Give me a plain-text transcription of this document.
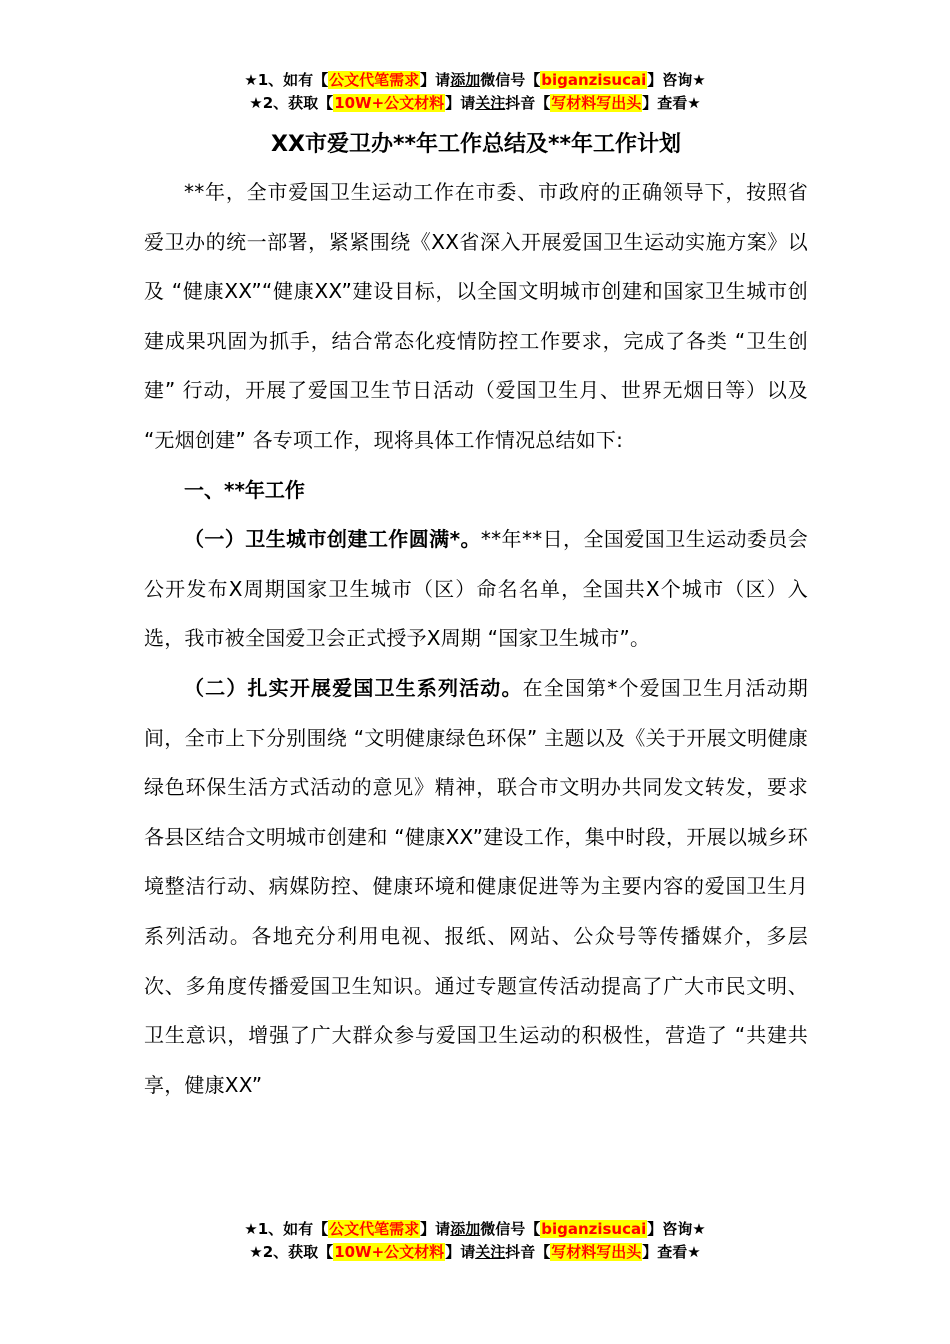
★1、如有【公文代笔需求】请添加微信号【biganzisucai】咨询★
★2、获取【10W+公文材料】请关注抖音【写材料写出头】查看★
XX市爱卫办**年工作总结及**年工作计划

**年，全市爱国卫生运动工作在市委、市政府的正确领导下，按照省爱卫办的统一部署，紧紧围绕《XX省深入开展爱国卫生运动实施方案》以及 “健康XX”“健康XX”建设目标，以全国文明城市创建和国家卫生城市创建成果巩固为抓手，结合常态化疫情防控工作要求，完成了各类 “卫生创建” 行动，开展了爱国卫生节日活动（爱国卫生月、世界无烟日等）以及 “无烟创建” 各专项工作，现将具体工作情况总结如下:

一、**年工作

（一）卫生城市创建工作圆满*。**年**日，全国爱国卫生运动委员会公开发布X周期国家卫生城市（区）命名名单，全国共X个城市（区）入选，我市被全国爱卫会正式授予X周期 “国家卫生城市”。

（二）扎实开展爱国卫生系列活动。在全国第*个爱国卫生月活动期间，全市上下分别围绕 “文明健康绿色环保” 主题以及《关于开展文明健康绿色环保生活方式活动的意见》精神，联合市文明办共同发文转发，要求各县区结合文明城市创建和 “健康XX”建设工作，集中时段，开展以城乡环境整洁行动、病媒防控、健康环境和健康促进等为主要内容的爱国卫生月系列活动。各地充分利用电视、报纸、网站、公众号等传播媒介，多层次、多角度传播爱国卫生知识。通过专题宣传活动提高了广大市民文明、卫生意识，增强了广大群众参与爱国卫生运动的积极性，营造了 “共建共享，健康XX”

★1、如有【公文代笔需求】请添加微信号【biganzisucai】咨询★
★2、获取【10W+公文材料】请关注抖音【写材料写出头】查看★
